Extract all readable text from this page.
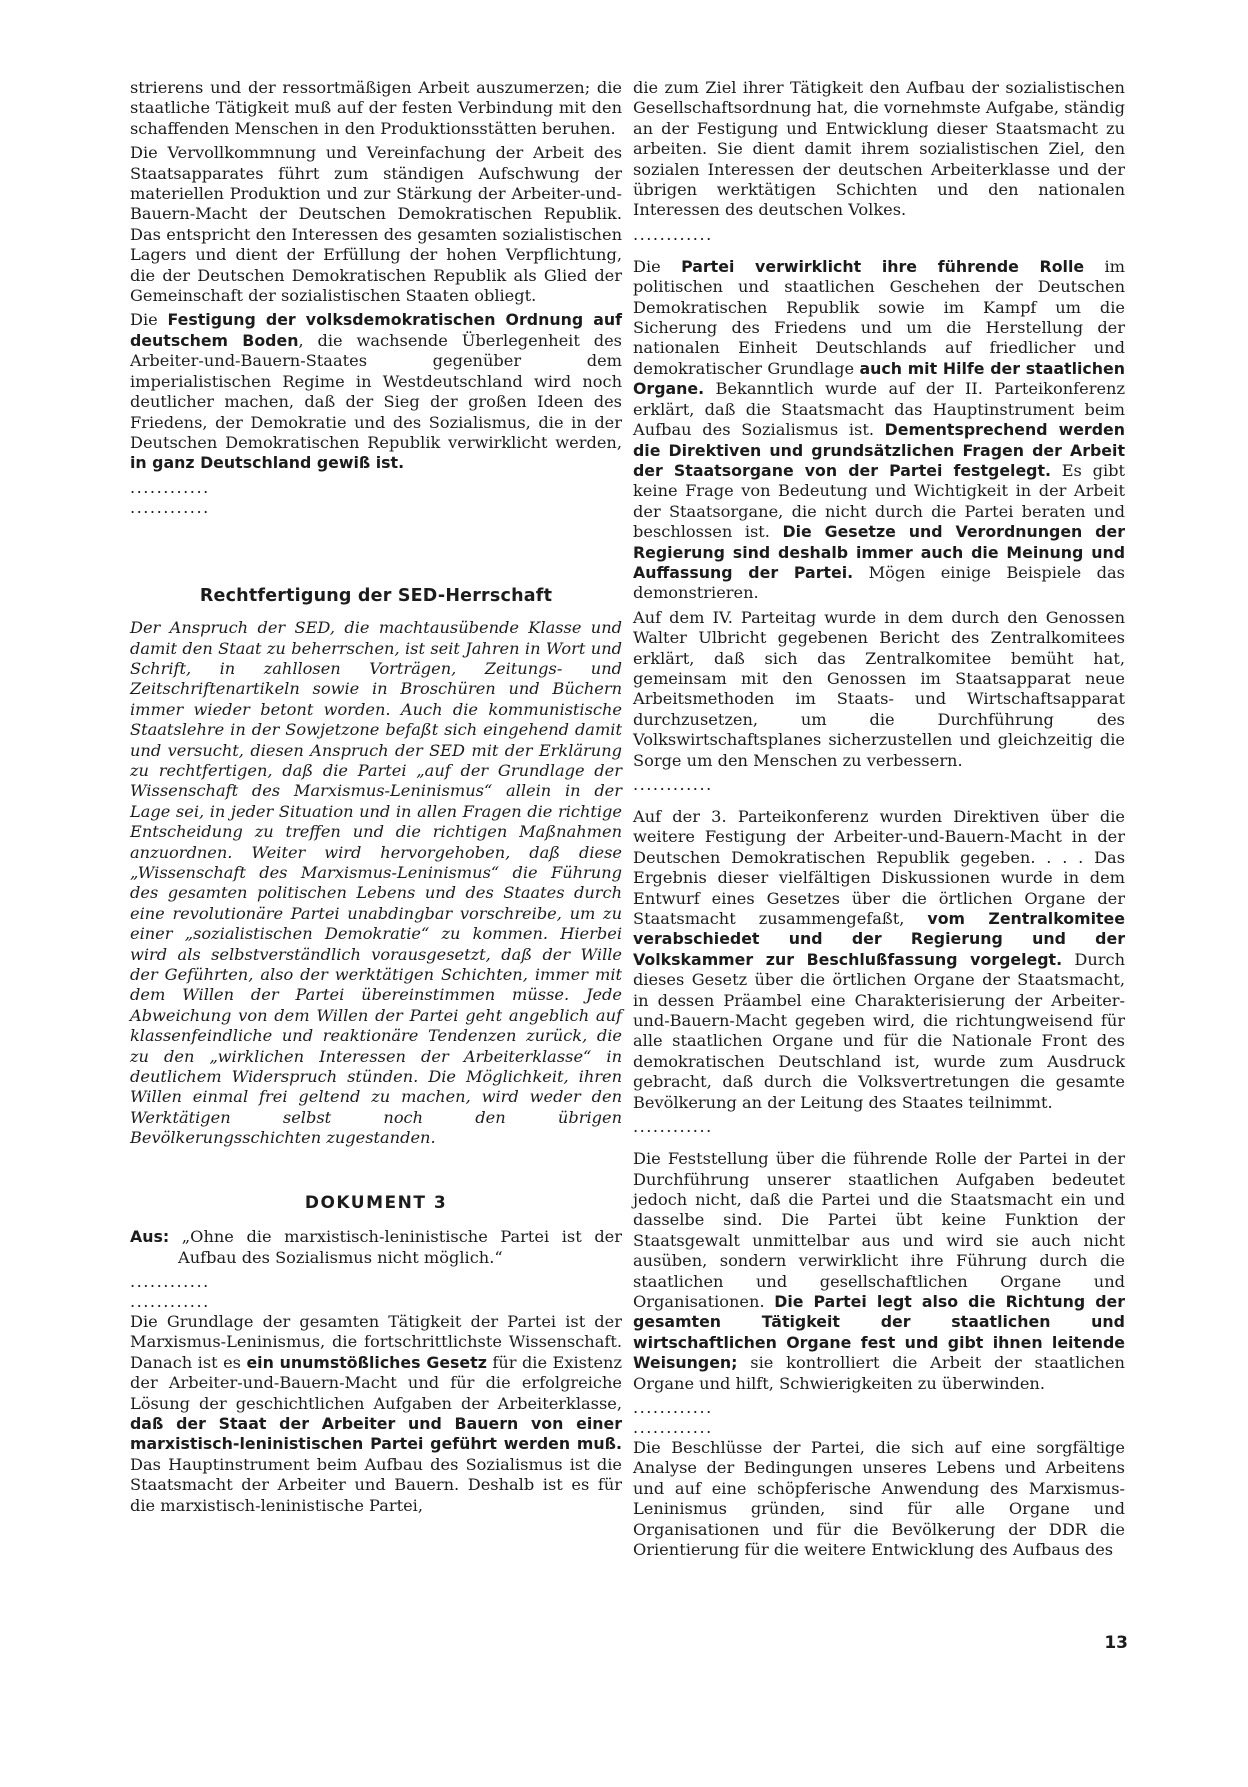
strierens und der ressortmäßigen Arbeit auszumerzen; die staatliche Tätigkeit muß auf der festen Verbindung mit den schaffenden Menschen in den Produktionsstätten beruhen.

Die Vervollkommnung und Vereinfachung der Arbeit des Staatsapparates führt zum ständigen Aufschwung der materiellen Produktion und zur Stärkung der Arbeiter-und-Bauern-Macht der Deutschen Demokratischen Republik. Das entspricht den Interessen des gesamten sozialistischen Lagers und dient der Erfüllung der hohen Verpflichtung, die der Deutschen Demokratischen Republik als Glied der Gemeinschaft der sozialistischen Staaten obliegt.

Die Festigung der volksdemokratischen Ordnung auf deutschem Boden, die wachsende Überlegenheit des Arbeiter-und-Bauern-Staates gegenüber dem imperialistischen Regime in Westdeutschland wird noch deutlicher machen, daß der Sieg der großen Ideen des Friedens, der Demokratie und des Sozialismus, die in der Deutschen Demokratischen Republik verwirklicht werden, in ganz Deutschland gewiß ist.

............
............
Rechtfertigung der SED-Herrschaft

Der Anspruch der SED, die machtausübende Klasse und damit den Staat zu beherrschen, ist seit Jahren in Wort und Schrift, in zahllosen Vorträgen, Zeitungs- und Zeitschriftenartikeln sowie in Broschüren und Büchern immer wieder betont worden. Auch die kommunistische Staatslehre in der Sowjetzone befaßt sich eingehend damit und versucht, diesen Anspruch der SED mit der Erklärung zu rechtfertigen, daß die Partei „auf der Grundlage der Wissenschaft des Marxismus-Leninismus“ allein in der Lage sei, in jeder Situation und in allen Fragen die richtige Entscheidung zu treffen und die richtigen Maßnahmen anzuordnen. Weiter wird hervorgehoben, daß diese „Wissenschaft des Marxismus-Leninismus“ die Führung des gesamten politischen Lebens und des Staates durch eine revolutionäre Partei unabdingbar vorschreibe, um zu einer „sozialistischen Demokratie“ zu kommen. Hierbei wird als selbstverständlich vorausgesetzt, daß der Wille der Geführten, also der werktätigen Schichten, immer mit dem Willen der Partei übereinstimmen müsse. Jede Abweichung von dem Willen der Partei geht angeblich auf klassenfeindliche und reaktionäre Tendenzen zurück, die zu den „wirklichen Interessen der Arbeiterklasse“ in deutlichem Widerspruch stünden. Die Möglichkeit, ihren Willen einmal frei geltend zu machen, wird weder den Werktätigen selbst noch den übrigen Bevölkerungsschichten zugestanden.

DOKUMENT 3

Aus: „Ohne die marxistisch-leninistische Partei ist der Aufbau des Sozialismus nicht möglich.“

............
............

Die Grundlage der gesamten Tätigkeit der Partei ist der Marxismus-Leninismus, die fortschrittlichste Wissenschaft. Danach ist es ein unumstößliches Gesetz für die Existenz der Arbeiter-und-Bauern-Macht und für die erfolgreiche Lösung der geschichtlichen Aufgaben der Arbeiterklasse, daß der Staat der Arbeiter und Bauern von einer marxistisch-leninistischen Partei geführt werden muß. Das Hauptinstrument beim Aufbau des Sozialismus ist die Staatsmacht der Arbeiter und Bauern. Deshalb ist es für die marxistisch-leninistische Partei,

die zum Ziel ihrer Tätigkeit den Aufbau der sozialistischen Gesellschaftsordnung hat, die vornehmste Aufgabe, ständig an der Festigung und Entwicklung dieser Staatsmacht zu arbeiten. Sie dient damit ihrem sozialistischen Ziel, den sozialen Interessen der deutschen Arbeiterklasse und der übrigen werktätigen Schichten und den nationalen Interessen des deutschen Volkes.

............

Die Partei verwirklicht ihre führende Rolle im politischen und staatlichen Geschehen der Deutschen Demokratischen Republik sowie im Kampf um die Sicherung des Friedens und um die Herstellung der nationalen Einheit Deutschlands auf friedlicher und demokratischer Grundlage auch mit Hilfe der staatlichen Organe. Bekanntlich wurde auf der II. Parteikonferenz erklärt, daß die Staatsmacht das Hauptinstrument beim Aufbau des Sozialismus ist. Dementsprechend werden die Direktiven und grundsätzlichen Fragen der Arbeit der Staatsorgane von der Partei festgelegt. Es gibt keine Frage von Bedeutung und Wichtigkeit in der Arbeit der Staatsorgane, die nicht durch die Partei beraten und beschlossen ist. Die Gesetze und Verordnungen der Regierung sind deshalb immer auch die Meinung und Auffassung der Partei. Mögen einige Beispiele das demonstrieren.

Auf dem IV. Parteitag wurde in dem durch den Genossen Walter Ulbricht gegebenen Bericht des Zentralkomitees erklärt, daß sich das Zentralkomitee bemüht hat, gemeinsam mit den Genossen im Staatsapparat neue Arbeitsmethoden im Staats- und Wirtschaftsapparat durchzusetzen, um die Durchführung des Volkswirtschaftsplanes sicherzustellen und gleichzeitig die Sorge um den Menschen zu verbessern.

............

Auf der 3. Parteikonferenz wurden Direktiven über die weitere Festigung der Arbeiter-und-Bauern-Macht in der Deutschen Demokratischen Republik gegeben. . . . Das Ergebnis dieser vielfältigen Diskussionen wurde in dem Entwurf eines Gesetzes über die örtlichen Organe der Staatsmacht zusammengefaßt, vom Zentralkomitee verabschiedet und der Regierung und der Volkskammer zur Beschlußfassung vorgelegt. Durch dieses Gesetz über die örtlichen Organe der Staatsmacht, in dessen Präambel eine Charakterisierung der Arbeiter-und-Bauern-Macht gegeben wird, die richtungweisend für alle staatlichen Organe und für die Nationale Front des demokratischen Deutschland ist, wurde zum Ausdruck gebracht, daß durch die Volksvertretungen die gesamte Bevölkerung an der Leitung des Staates teilnimmt.

............

Die Feststellung über die führende Rolle der Partei in der Durchführung unserer staatlichen Aufgaben bedeutet jedoch nicht, daß die Partei und die Staatsmacht ein und dasselbe sind. Die Partei übt keine Funktion der Staatsgewalt unmittelbar aus und wird sie auch nicht ausüben, sondern verwirklicht ihre Führung durch die staatlichen und gesellschaftlichen Organe und Organisationen. Die Partei legt also die Richtung der gesamten Tätigkeit der staatlichen und wirtschaftlichen Organe fest und gibt ihnen leitende Weisungen; sie kontrolliert die Arbeit der staatlichen Organe und hilft, Schwierigkeiten zu überwinden.

............
............

Die Beschlüsse der Partei, die sich auf eine sorgfältige Analyse der Bedingungen unseres Lebens und Arbeitens und auf eine schöpferische Anwendung des Marxismus-Leninismus gründen, sind für alle Organe und Organisationen und für die Bevölkerung der DDR die Orientierung für die weitere Entwicklung des Aufbaus des

13
